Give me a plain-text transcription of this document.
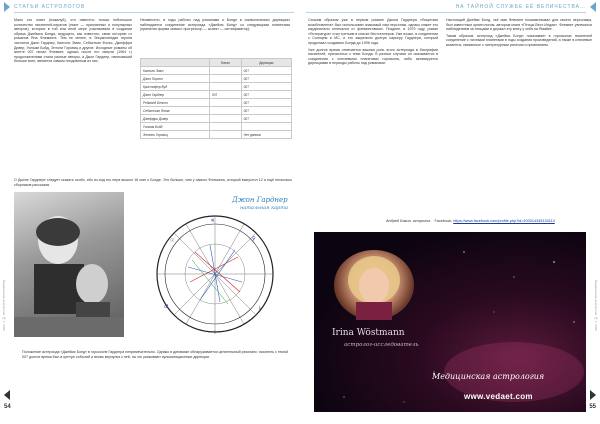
СТАТЬИ АСТРОЛОГОВ

Мало кто знает (пожалуй), что известно только небольшое количество писателей-пиратов (ныне — признанных и популярных авторов), которые в той или иной мере участвовали в создании образа Джеймса Бонда, ведущего, как известно, свою историю от романов Яна Флеминга. Тем не менее, в Энциклопедии героев числятся Джон Гарднер, Кингсли Эмис, Себастьян Фолкс, Джеффри Дивер, Уильям Бойд, Энтони Горовиц и другие. Исходные романы об агенте 007 писал Флеминг, однако после его смерти (1964 г.) продолжателями стали разные авторы, а Джон Гарднер, написавший больше всех, является самым плодовитым из них.

Неизвестно, в годы работы над романами о Бонде в символических дирекциях наблюдается соединение астероида «Джеймс Бонд» со следующими планетами (принятая форма записи: прогрессор — аспект — сигнификатор):

	Натал	Дирекции
Кингсли Эмис		007
Джон Пирсон		007
Кристофер Вуд		007
Джон Гарднер	007	007
Реймонд Бенсон		007
Себастьян Фолкс		007
Джеффри Дивер		007
Уильям Бойд		
Энтони Горовиц		Нет данных

О Джоне Гарднере следует сказать особо, ибо из-под его пера вышло 16 книг о Бонде. Это больше, чем у самого Флеминга, который выпустил 12 и ещё несколько сборников рассказов.

Джон Гарднер
натальная карта
☉	♀
♂	♄
♃
☽
Положение астероида «Джеймс Бонд» в гороскопе Гарднера непримечательно. Однако в динамике обнаруживается целительный резонанс: писатель с темой 007 долгое время был в центре событий и вновь вернулся к ней, на что указывают кульминационные дирекции.
54
Медицинская астрология № 1, 2018
НА ТАЙНОЙ СЛУЖБЕ ЕЁ ВЕЛИЧЕСТВА…

Схожим образом уже в первом романе Джона Гарднера «Лицензия возобновлена» был использован знакомый нам персонаж, однако сюжет его кардинально отличался от флеминговских. Позднее, в 1979 году, роман «Литература» стал третьим в списке бестселлеров. Уже позже, в соединении с Солнцем и МС, и это закрепило долгую карьеру Гарднера, который продолжал создавать Бонда до 1996 года.

Уже долгое время отмечается важная роль этого астероида в биографии писателей, причастных к теме Бонда. В разных случаях он оказывается в соединении с ключевыми планетами гороскопа, либо активируется дирекциями в периоды работы над романами.

Настоящий Джеймс Бонд, чьё имя Флеминг позаимствовал для своего персонажа, был известным орнитологом, автором книги «Птицы Вест-Индии». Флеминг увлекался наблюдением за птицами и держал эту книгу у себя на Ямайке.

Таким образом, астероид «Джеймс Бонд» показывает в гороскопах писателей соединение с личными планетами в годы создания произведений, а также в ключевые моменты, связанные с литературным успехом и признанием.

Андрей Бакин, астролог Facebook: https://www.facebook.com/profile.php?id=100014349133110
Irina Wöstmann
астролог-исследователь
Медицинская астрология
www.vedaet.com
55
Медицинская астрология № 1, 2018
